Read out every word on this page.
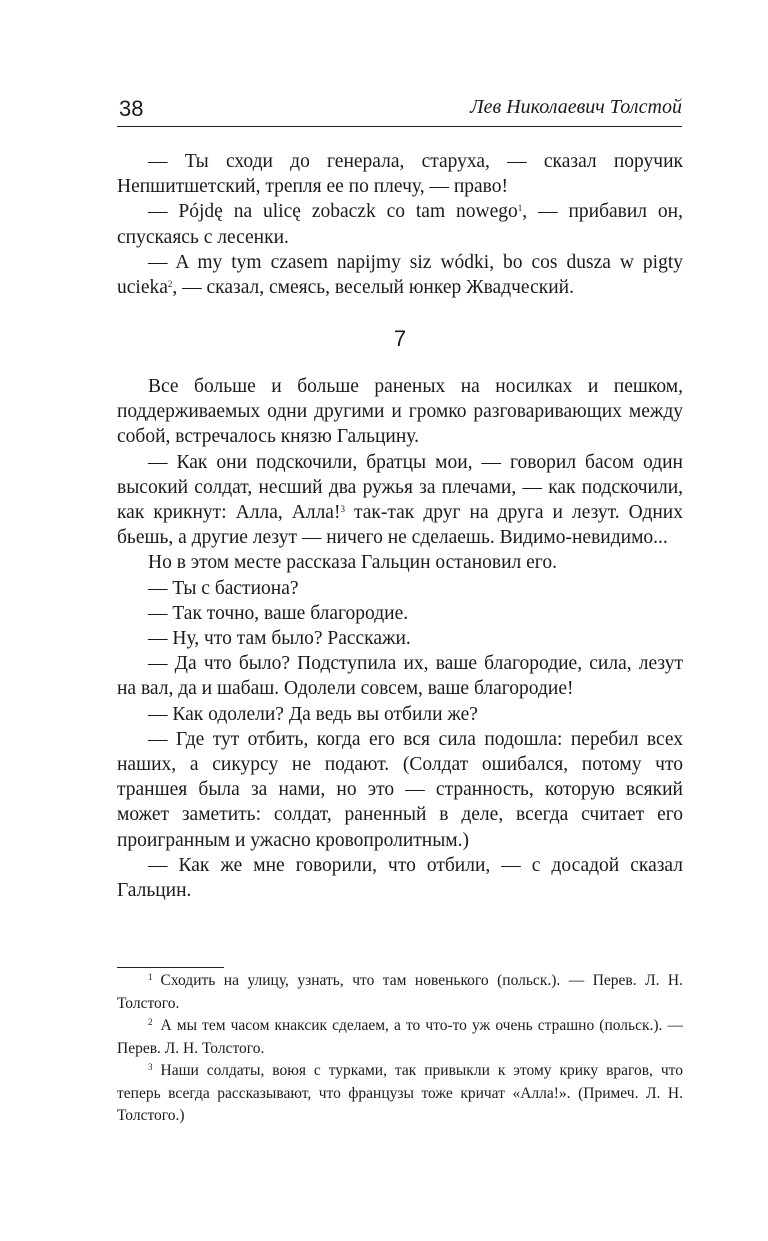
38	Лев Николаевич Толстой

— Ты сходи до генерала, старуха, — сказал поручик Непшитшетский, трепля ее по плечу, — право!

— Pójdę na ulicę zobaczk co tam nowego$^1$, — прибавил он, спускаясь с лесенки.

— A my tym czasem napijmy siz wódki, bo cos dusza w pigty ucieka$^2$, — сказал, смеясь, веселый юнкер Жвадческий.

7

Все больше и больше раненых на носилках и пешком, поддерживаемых одни другими и громко разговаривающих между собой, встречалось князю Гальцину.

— Как они подскочили, братцы мои, — говорил басом один высокий солдат, несший два ружья за плечами, — как подскочили, как крикнут: Алла, Алла!$^3$ так-так друг на друга и лезут. Одних бьешь, а другие лезут — ничего не сделаешь. Видимо-невидимо...

Но в этом месте рассказа Гальцин остановил его.

— Ты с бастиона?

— Так точно, ваше благородие.

— Ну, что там было? Расскажи.

— Да что было? Подступила их, ваше благородие, сила, лезут на вал, да и шабаш. Одолели совсем, ваше благородие!

— Как одолели? Да ведь вы отбили же?

— Где тут отбить, когда его вся сила подошла: перебил всех наших, а сикурсу не подают. (Солдат ошибался, потому что траншея была за нами, но это — странность, которую всякий может заметить: солдат, раненный в деле, всегда считает его проигранным и ужасно кровопролитным.)

— Как же мне говорили, что отбили, — с досадой сказал Гальцин.

$^1$ Сходить на улицу, узнать, что там новенького (польск.). — Перев. Л. Н. Толстого.

$^2$ А мы тем часом кнаксик сделаем, а то что-то уж очень страшно (польск.). — Перев. Л. Н. Толстого.

$^3$ Наши солдаты, воюя с турками, так привыкли к этому крику врагов, что теперь всегда рассказывают, что французы тоже кричат «Алла!». (Примеч. Л. Н. Толстого.)
